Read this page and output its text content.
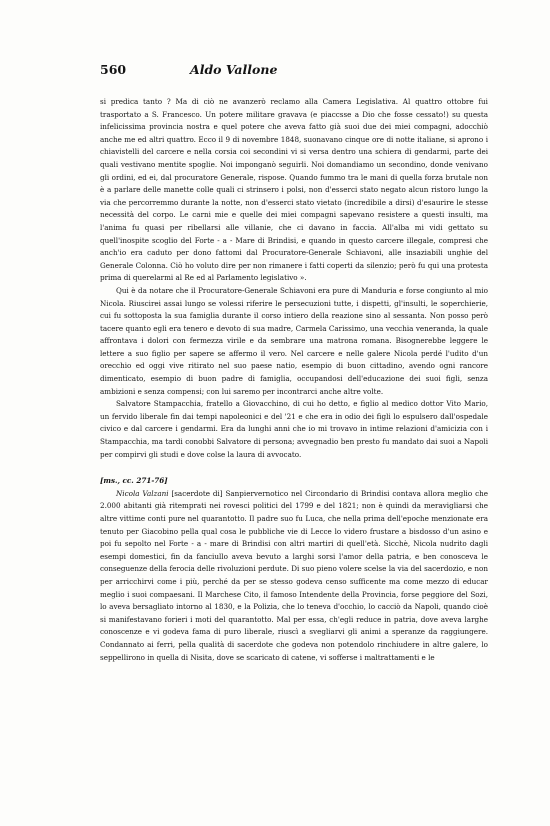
560	Aldo Vallone

si predica tanto ? Ma di ciò ne avanzerò reclamo alla Camera Legislativa. Al quattro ottobre fui trasportato a S. Francesco. Un potere militare gravava (e piaccsse a Dio che fosse cessato!) su questa infelicissima provincia nostra e quel potere che aveva fatto già suoi due dei miei compagni, adocchiò anche me ed altri quattro. Ecco il 9 di novembre 1848, suonavano cinque ore di notte italiane, si aprono i chiavistelli del carcere e nella corsia coi secondini vi si versa dentro una schiera di gendarmi, parte dei quali vestivano mentite spoglie. Noi imponganò seguirli. Noi domandiamo un secondino, donde venivano gli ordini, ed ei, dal procuratore Generale, rispose. Quando fummo tra le mani di quella forza brutale non è a parlare delle manette colle quali ci strinsero i polsi, non d'esserci stato negato alcun ristoro lungo la via che percorremmo durante la notte, non d'esserci stato vietato (incredibile a dirsi) d'esaurire le stesse necessità del corpo. Le carni mie e quelle dei miei compagni sapevano resistere a questi insulti, ma l'anima fu quasi per ribellarsi alle villanie, che ci davano in faccia. All'alba mi vidi gettato su quell'inospite scoglio del Forte - a - Mare di Brindisi, e quando in questo carcere illegale, compresi che anch'io era caduto per dono fattomi dal Procuratore-Generale Schiavoni, alle insaziabili unghie del Generale Colonna. Ciò ho voluto dire per non rimanere i fatti coperti da silenzio; però fu qui una protesta prima di querelarmi al Re ed al Parlamento legislativo ».

Qui è da notare che il Procuratore-Generale Schiavoni era pure di Manduria e forse congiunto al mio Nicola. Riuscirei assai lungo se volessi riferire le persecuzioni tutte, i dispetti, gl'insulti, le soperchierie, cui fu sottoposta la sua famiglia durante il corso intiero della reazione sino al sessanta. Non posso però tacere quanto egli era tenero e devoto di sua madre, Carmela Carissimo, una vecchia veneranda, la quale affrontava i dolori con fermezza virile e da sembrare una matrona romana. Bisognerebbe leggere le lettere a suo figlio per sapere se affermo il vero. Nel carcere e nelle galere Nicola perdé l'udito d'un orecchio ed oggi vive ritirato nel suo paese natio, esempio di buon cittadino, avendo ogni rancore dimenticato, esempio di buon padre di famiglia, occupandosi dell'educazione dei suoi figli, senza ambizioni e senza compensi; con lui saremo per incontrarci anche altre volte.

Salvatore Stampacchia, fratello a Giovacchino, di cui ho detto, e figlio al medico dottor Vito Mario, un fervido liberale fin dai tempi napoleonici e del '21 e che era in odio dei figli lo espulsero dall'ospedale civico e dal carcere i gendarmi. Era da lunghi anni che io mi trovavo in intime relazioni d'amicizia con i Stampacchia, ma tardi conobbi Salvatore di persona; avvegnadio ben presto fu mandato dai suoi a Napoli per compirvi gli studi e dove colse la laura di avvocato.

[ms., cc. 271-76]

Nicola Valzani [sacerdote di] Sanpiervernotico nel Circondario di Brindisi contava allora meglio che 2.000 abitanti già ritemprati nei rovesci politici del 1799 e del 1821; non è quindi da meravigliarsi che altre vittime conti pure nel quarantotto. Il padre suo fu Luca, che nella prima dell'epoche menzionate era tenuto per Giacobino pella qual cosa le pubbliche vie di Lecce lo videro frustare a bisdosso d'un asino e poi fu sepolto nel Forte - a - mare di Brindisi con altri martiri di quell'età. Sicchè, Nicola nudrito dagli esempi domestici, fin da fanciullo aveva bevuto a larghi sorsi l'amor della patria, e ben conosceva le conseguenze della ferocia delle rivoluzioni perdute. Di suo pieno volere scelse la via del sacerdozio, e non per arricchirvi come i più, perché da per se stesso godeva censo sufficente ma come mezzo di educar meglio i suoi compaesani. Il Marchese Cito, il famoso Intendente della Provincia, forse peggiore del Sozi, lo aveva bersagliato intorno al 1830, e la Polizia, che lo teneva d'occhio, lo cacciò da Napoli, quando cioè si manifestavano forieri i moti del quarantotto. Mal per essa, ch'egli reduce in patria, dove aveva larghe conoscenze e vi godeva fama di puro liberale, riuscì a svegliarvi gli animi a speranze da raggiungere. Condannato ai ferri, pella qualità di sacerdote che godeva non potendolo rinchiudere in altre galere, lo seppellirono in quella di Nisita, dove se scaricato di catene, vi sofferse i maltrattamenti e le
